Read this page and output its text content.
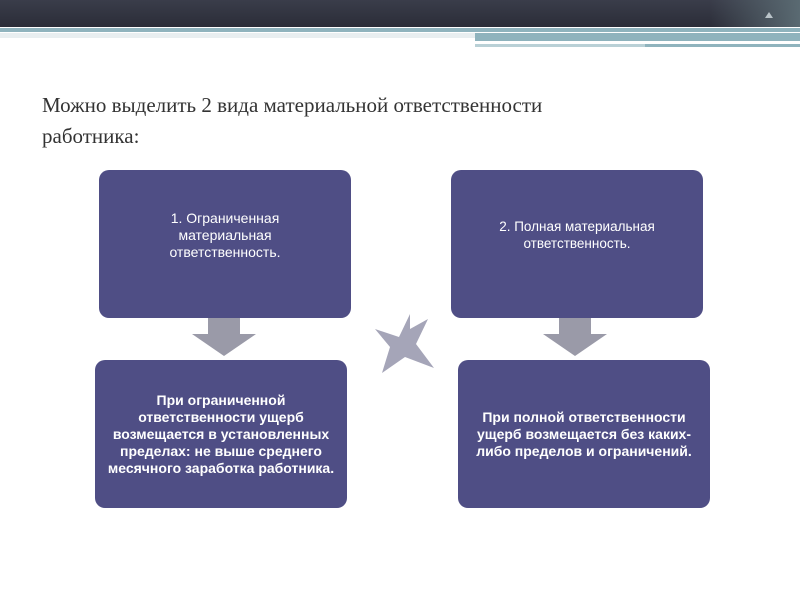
Можно выделить 2 вида материальной ответственности
работника:
1. Ограниченная материальная ответственность.
2. Полная материальная ответственность.
При ограниченной ответственности ущерб возмещается в установленных пределах: не выше среднего месячного заработка работника.
При полной ответственности ущерб возмещается без каких-либо пределов и ограничений.
